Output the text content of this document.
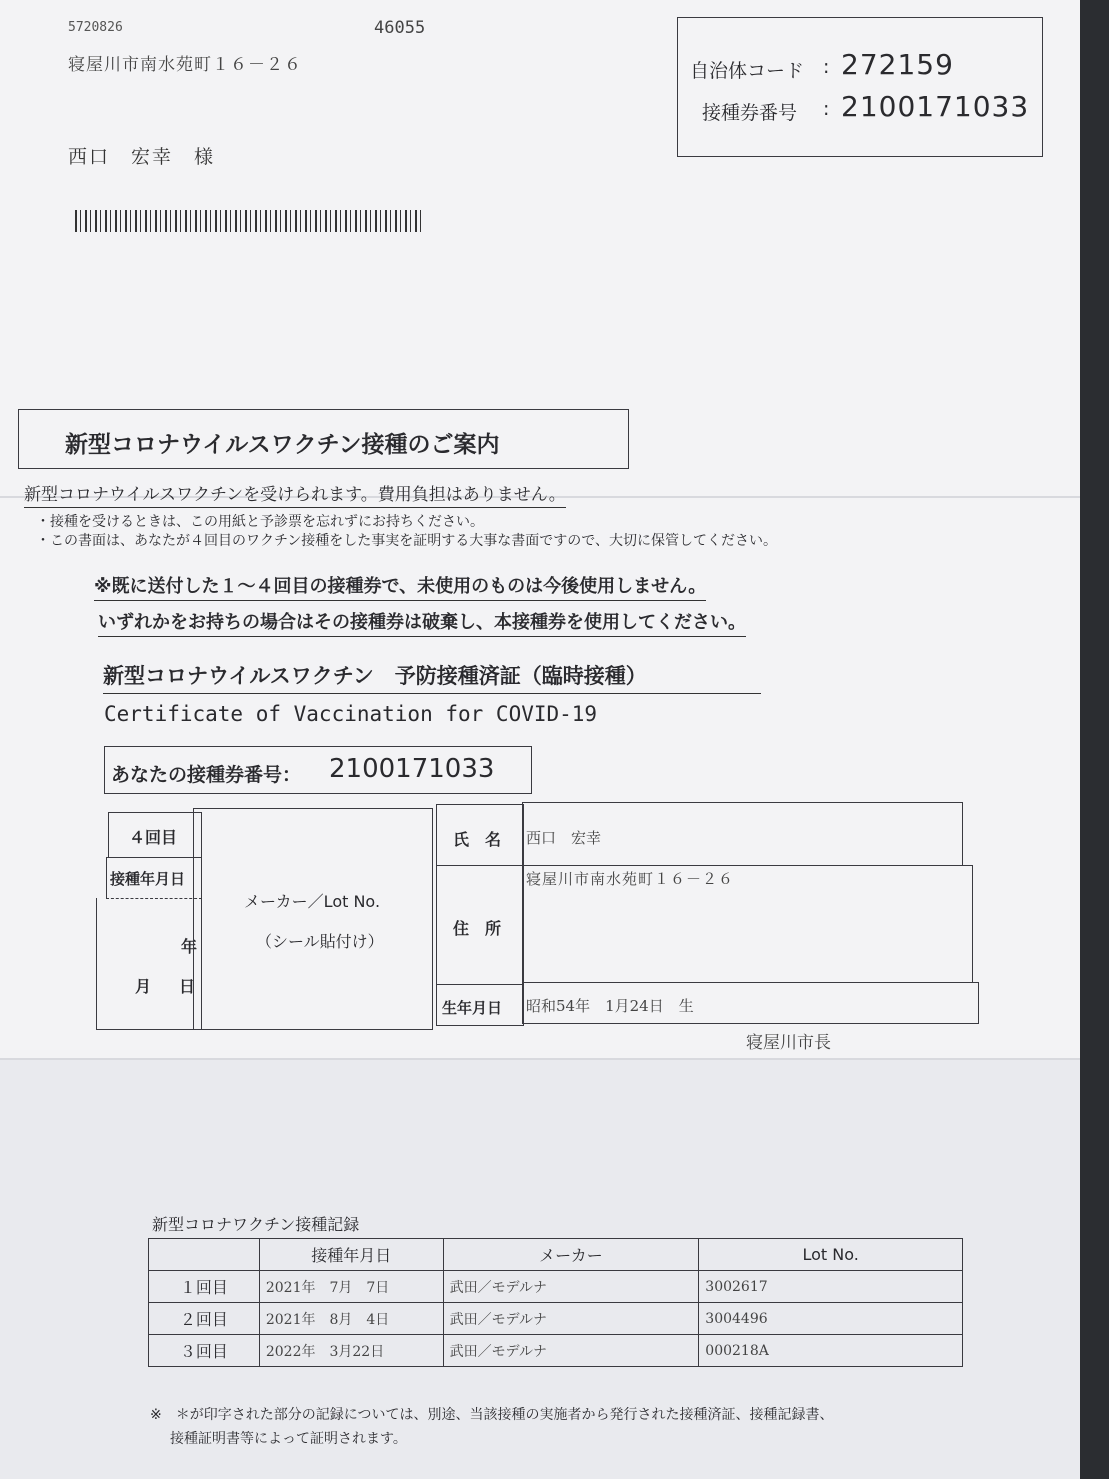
5720826	46055
寝屋川市南水苑町１６－２６
西口　宏幸　様
自治体コード : 272159
接種券番号 : 2100171033
新型コロナウイルスワクチン接種のご案内
新型コロナウイルスワクチンを受けられます。費用負担はありません。
・接種を受けるときは、この用紙と予診票を忘れずにお持ちください。
・この書面は、あなたが４回目のワクチン接種をした事実を証明する大事な書面ですので、大切に保管してください。
※既に送付した１～４回目の接種券で、未使用のものは今後使用しません。
いずれかをお持ちの場合はその接種券は破棄し、本接種券を使用してください。
新型コロナウイルスワクチン　予防接種済証（臨時接種）
Certificate of Vaccination for COVID-19
あなたの接種券番号： 2100171033
４回目
接種年月日
年
月 日
メーカー／Lot No.
（シール貼付け）
氏　名 西口　宏幸
住　所
寝屋川市南水苑町１６－２６
生年月日 昭和54年　1月24日　生
寝屋川市長
新型コロナワクチン接種記録
	接種年月日	メーカー	Lot No.
１回目	2021年　7月　7日	武田／モデルナ	3002617
２回目	2021年　8月　4日	武田／モデルナ	3004496
３回目	2022年　3月22日	武田／モデルナ	000218A
※　＊が印字された部分の記録については、別途、当該接種の実施者から発行された接種済証、接種記録書、
接種証明書等によって証明されます。
